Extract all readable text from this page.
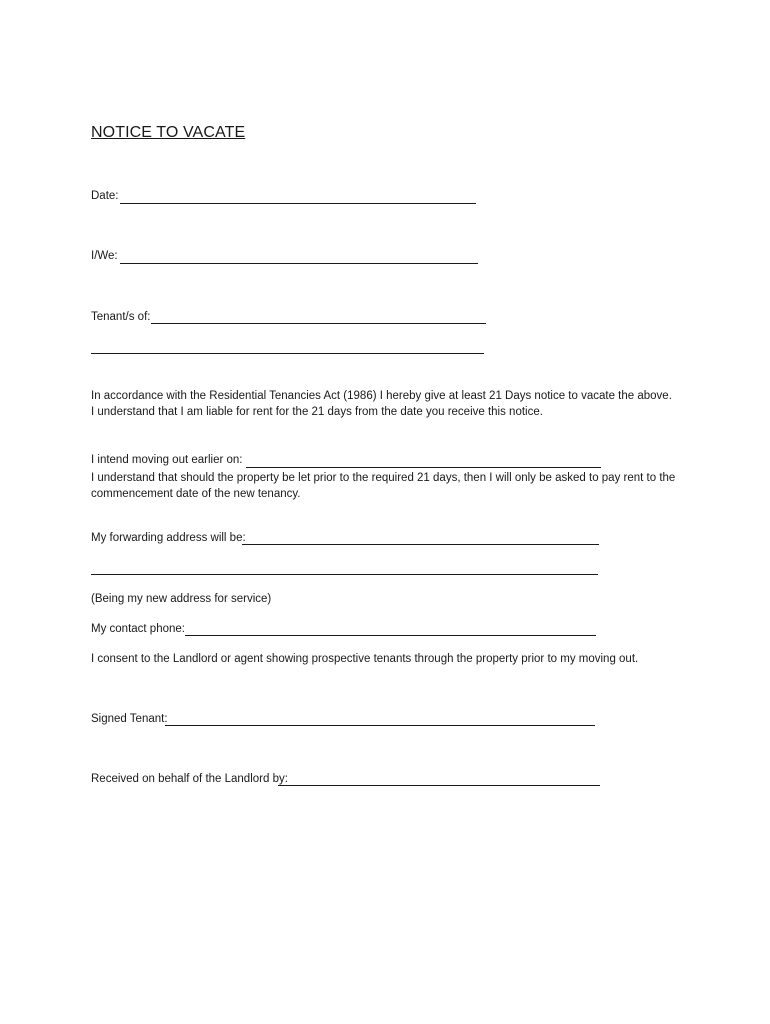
NOTICE TO VACATE
Date:
I/We:
Tenant/s of:
In accordance with the Residential Tenancies Act (1986) I hereby give at least 21 Days notice to vacate the above.
I understand that I am liable for rent for the 21 days from the date you receive this notice.
I intend moving out earlier on:
I understand that should the property be let prior to the required 21 days, then I will only be asked to pay rent to the
commencement date of the new tenancy.
My forwarding address will be:
(Being my new address for service)
My contact phone:
I consent to the Landlord or agent showing prospective tenants through the property prior to my moving out.
Signed Tenant:
Received on behalf of the Landlord by:
